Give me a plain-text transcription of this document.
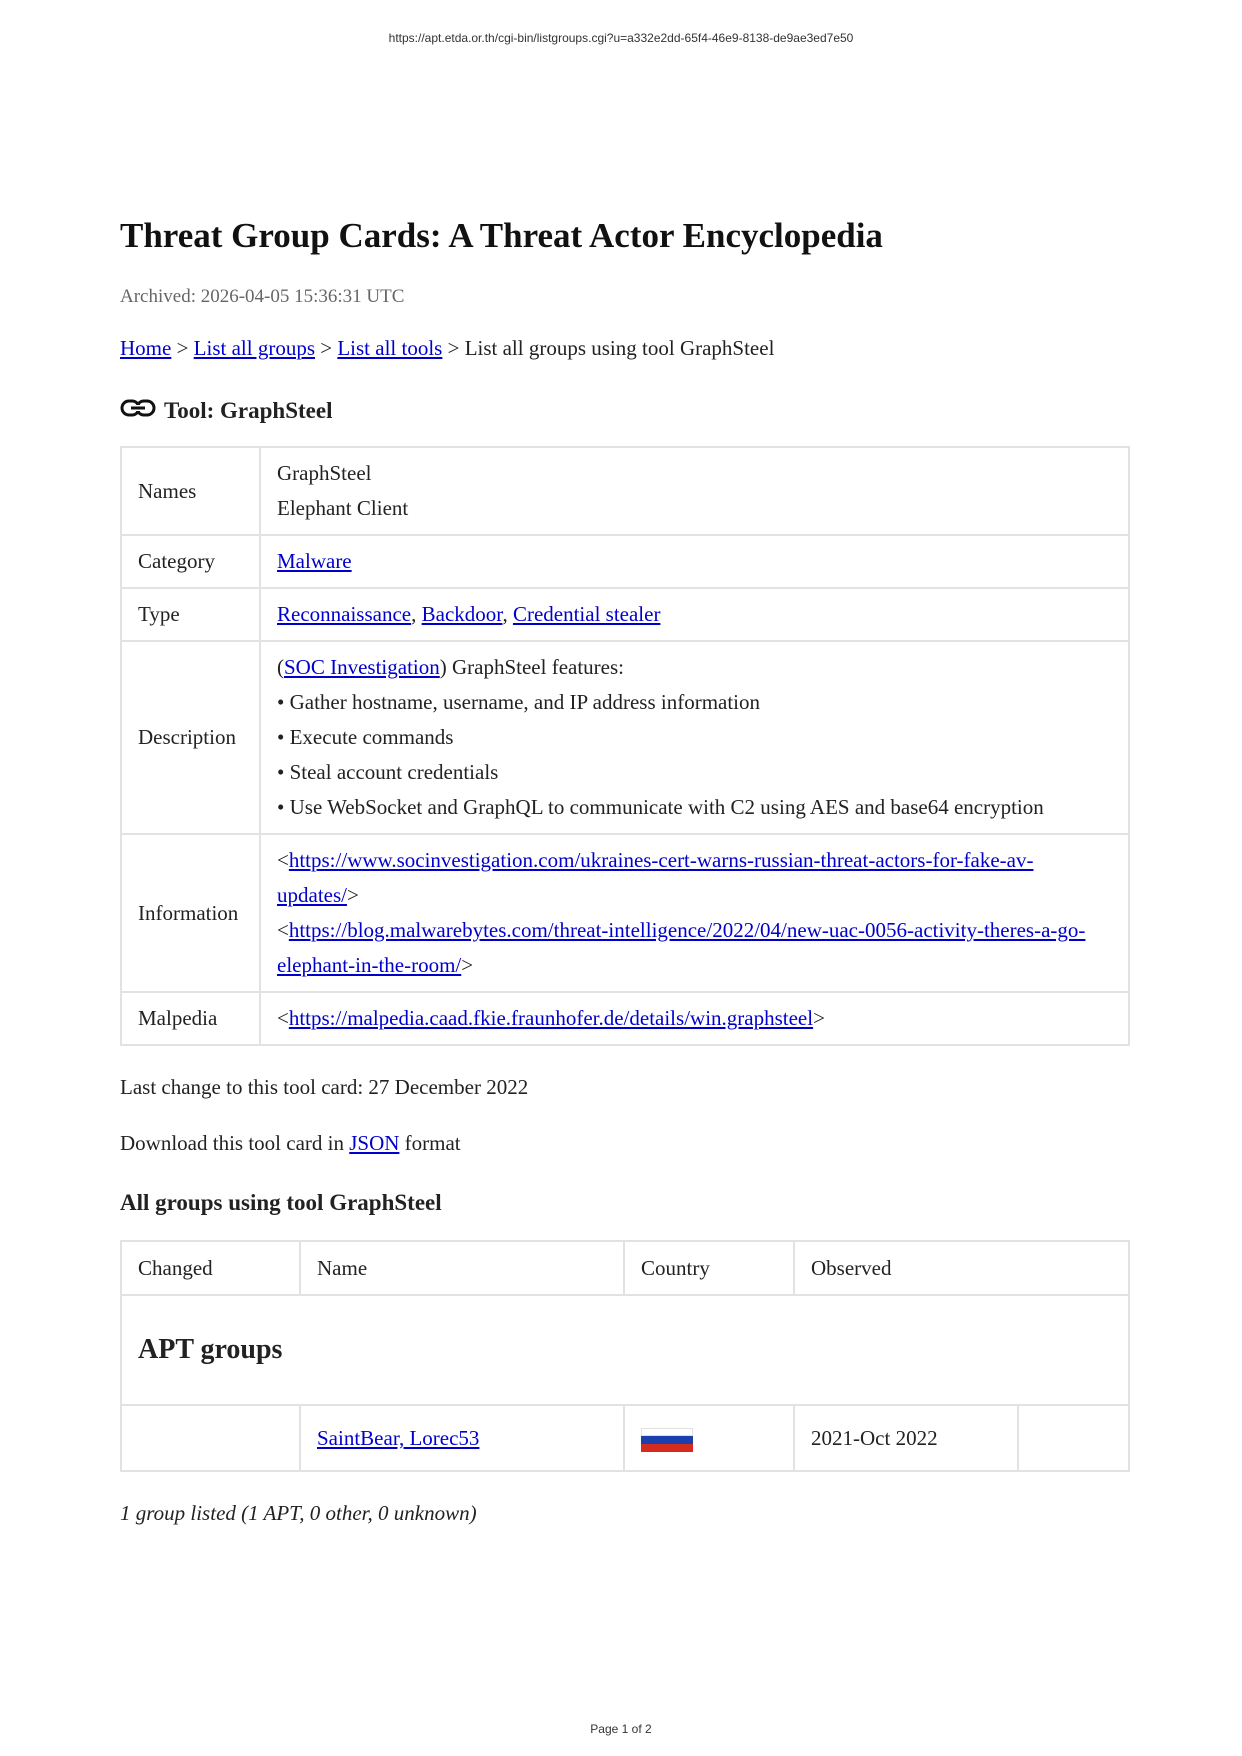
https://apt.etda.or.th/cgi-bin/listgroups.cgi?u=a332e2dd-65f4-46e9-8138-de9ae3ed7e50
Threat Group Cards: A Threat Actor Encyclopedia
Archived: 2026-04-05 15:36:31 UTC
Home > List all groups > List all tools > List all groups using tool GraphSteel
Tool: GraphSteel
Names	GraphSteel
Elephant Client

Category	Malware
Type	Reconnaissance, Backdoor, Credential stealer
Description	(SOC Investigation) GraphSteel features:
• Gather hostname, username, and IP address information
• Execute commands
• Steal account credentials
• Use WebSocket and GraphQL to communicate with C2 using AES and base64 encryption

Information	<https://www.socinvestigation.com/ukraines-cert-warns-russian-threat-actors-for-fake-av-updates/>
<https://blog.malwarebytes.com/threat-intelligence/2022/04/new-uac-0056-activity-theres-a-go-elephant-in-the-room/>

Malpedia	<https://malpedia.caad.fkie.fraunhofer.de/details/win.graphsteel>
Last change to this tool card: 27 December 2022
Download this tool card in JSON format
All groups using tool GraphSteel
Changed	Name	Country	Observed	
APT groups				
	SaintBear, Lorec53		2021-Oct 2022	
1 group listed (1 APT, 0 other, 0 unknown)
Page 1 of 2
